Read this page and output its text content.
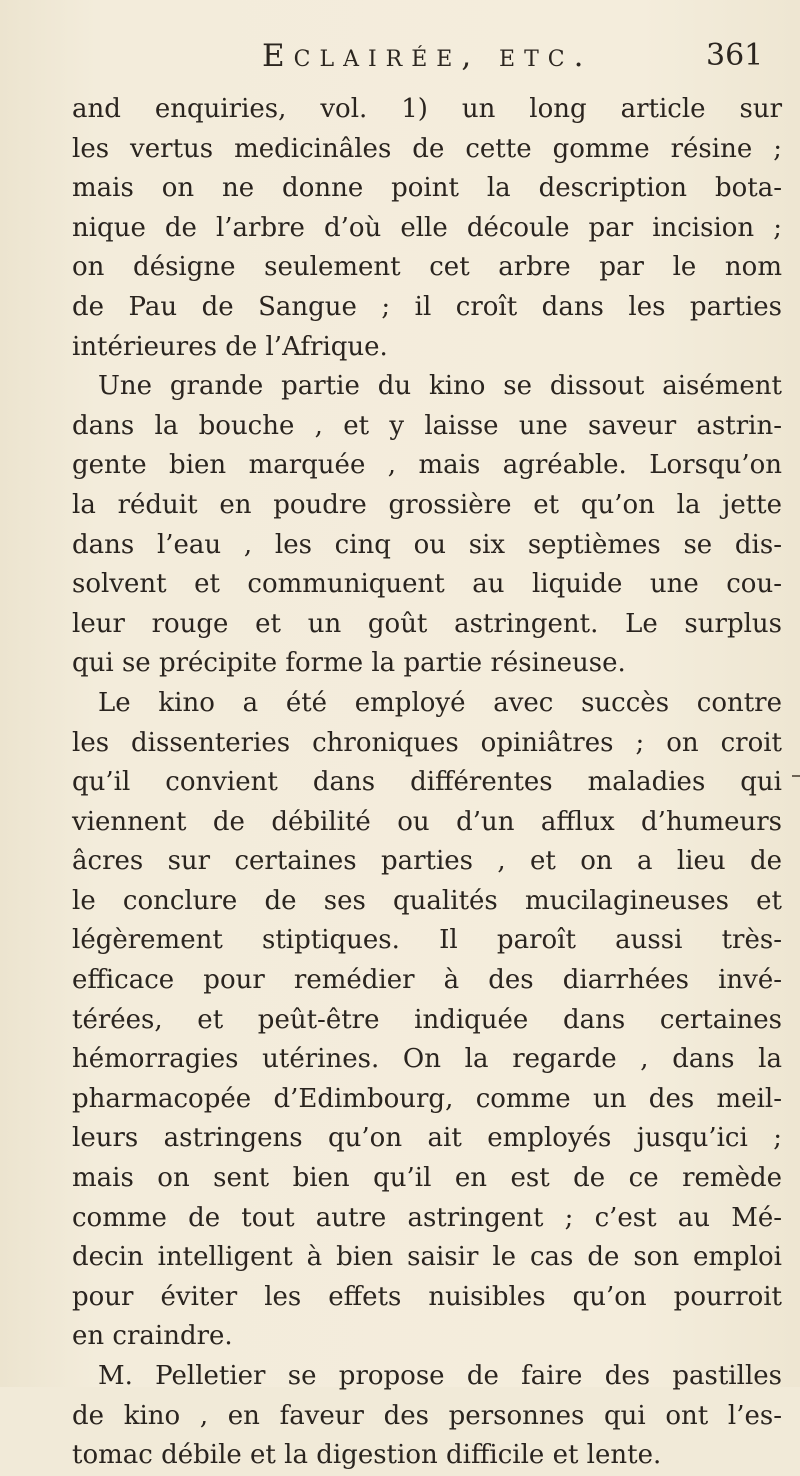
Eclairée, etc.	361
and enquiries, vol. 1) un long article sur
les vertus medicinâles de cette gomme résine ;
mais on ne donne point la description bota-
nique de l’arbre d’où elle découle par incision ;
on désigne seulement cet arbre par le nom
de Pau de Sangue ; il croît dans les parties
intérieures de l’Afrique.
Une grande partie du kino se dissout aisément
dans la bouche , et y laisse une saveur astrin-
gente bien marquée , mais agréable. Lorsqu’on
la réduit en poudre grossière et qu’on la jette
dans l’eau , les cinq ou six septièmes se dis-
solvent et communiquent au liquide une cou-
leur rouge et un goût astringent. Le surplus
qui se précipite forme la partie résineuse.
Le kino a été employé avec succès contre
les dissenteries chroniques opiniâtres ; on croit
qu’il convient dans différentes maladies qui
viennent de débilité ou d’un afflux d’humeurs
âcres sur certaines parties , et on a lieu de
le conclure de ses qualités mucilagineuses et
légèrement stiptiques. Il paroît aussi très-
efficace pour remédier à des diarrhées invé-
térées, et peût-être indiquée dans certaines
hémorragies utérines. On la regarde , dans la
pharmacopée d’Edimbourg, comme un des meil-
leurs astringens qu’on ait employés jusqu’ici ;
mais on sent bien qu’il en est de ce remède
comme de tout autre astringent ; c’est au Mé-
decin intelligent à bien saisir le cas de son emploi
pour éviter les effets nuisibles qu’on pourroit
en craindre.
M. Pelletier se propose de faire des pastilles
de kino , en faveur des personnes qui ont l’es-
tomac débile et la digestion difficile et lente.
